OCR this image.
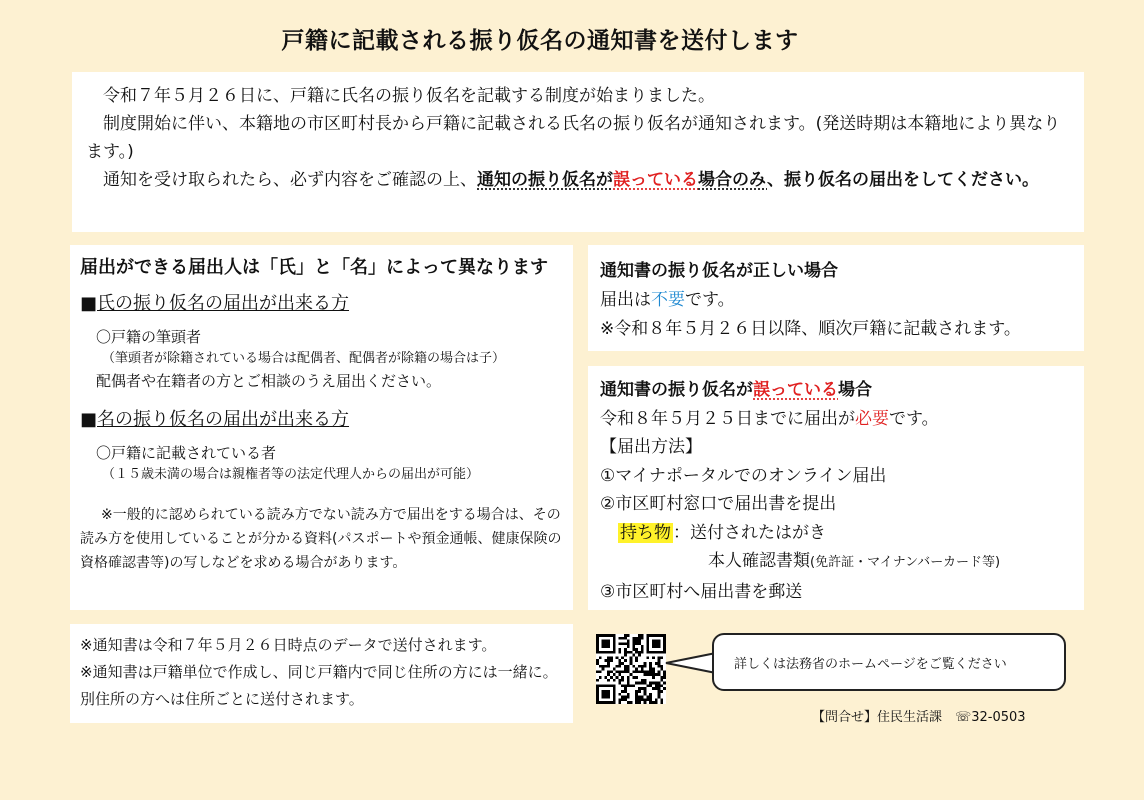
戸籍に記載される振り仮名の通知書を送付します

令和７年５月２６日に、戸籍に氏名の振り仮名を記載する制度が始まりました。

制度開始に伴い、本籍地の市区町村長から戸籍に記載される氏名の振り仮名が通知されます。(発送時期は本籍地により異なります。)

通知を受け取られたら、必ず内容をご確認の上、通知の振り仮名が誤っている場合のみ、振り仮名の届出をしてください。

届出ができる届出人は「氏」と「名」によって異なります
■氏の振り仮名の届出が出来る方
〇戸籍の筆頭者
（筆頭者が除籍されている場合は配偶者、配偶者が除籍の場合は子）
配偶者や在籍者の方とご相談のうえ届出ください。
■名の振り仮名の届出が出来る方
〇戸籍に記載されている者
（１５歳未満の場合は親権者等の法定代理人からの届出が可能）
※一般的に認められている読み方でない読み方で届出をする場合は、その読み方を使用していることが分かる資料(パスポートや預金通帳、健康保険の資格確認書等)の写しなどを求める場合があります。
通知書の振り仮名が正しい場合
届出は不要です。
※令和８年５月２６日以降、順次戸籍に記載されます。
通知書の振り仮名が誤っている場合
令和８年５月２５日までに届出が必要です。
【届出方法】
①マイナポータルでのオンライン届出
②市区町村窓口で届出書を提出
持ち物 ：送付されたはがき
本人確認書類(免許証・マイナンバーカード等)
③市区町村へ届出書を郵送

※通知書は令和７年５月２６日時点のデータで送付されます。

※通知書は戸籍単位で作成し、同じ戸籍内で同じ住所の方には一緒に。別住所の方へは住所ごとに送付されます。

詳しくは法務省のホームページをご覧ください
【問合せ】住民生活課　☏32-0503
